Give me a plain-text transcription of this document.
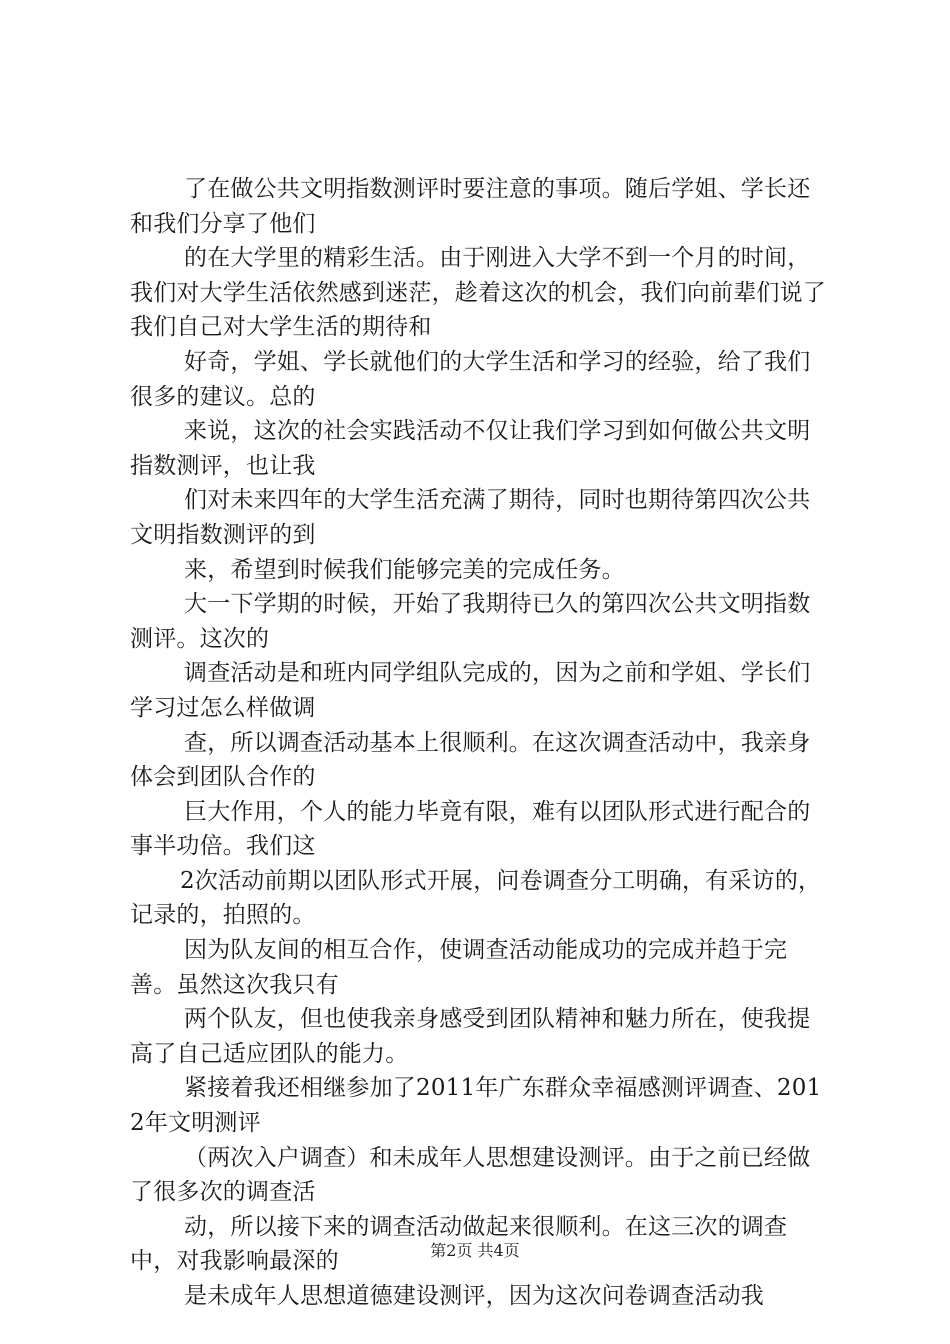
了在做公共文明指数测评时要注意的事项。随后学姐、学长还和我们分享了他们

的在大学里的精彩生活。由于刚进入大学不到一个月的时间，我们对大学生活依然感到迷茫，趁着这次的机会，我们向前辈们说了我们自己对大学生活的期待和

好奇，学姐、学长就他们的大学生活和学习的经验，给了我们很多的建议。总的

来说，这次的社会实践活动不仅让我们学习到如何做公共文明指数测评，也让我

们对未来四年的大学生活充满了期待，同时也期待第四次公共文明指数测评的到

来，希望到时候我们能够完美的完成任务。

大一下学期的时候，开始了我期待已久的第四次公共文明指数测评。这次的

调查活动是和班内同学组队完成的，因为之前和学姐、学长们学习过怎么样做调

查，所以调查活动基本上很顺利。在这次调查活动中，我亲身体会到团队合作的

巨大作用，个人的能力毕竟有限，难有以团队形式进行配合的事半功倍。我们这

2次活动前期以团队形式开展，问卷调查分工明确，有采访的，记录的，拍照的。

因为队友间的相互合作，使调查活动能成功的完成并趋于完善。虽然这次我只有

两个队友，但也使我亲身感受到团队精神和魅力所在，使我提高了自己适应团队的能力。

紧接着我还相继参加了2011年广东群众幸福感测评调查、2012年文明测评

（两次入户调查）和未成年人思想建设测评。由于之前已经做了很多次的调查活

动，所以接下来的调查活动做起来很顺利。在这三次的调查中，对我影响最深的

是未成年人思想道德建设测评，因为这次问卷调查活动我

第2页 共4页
